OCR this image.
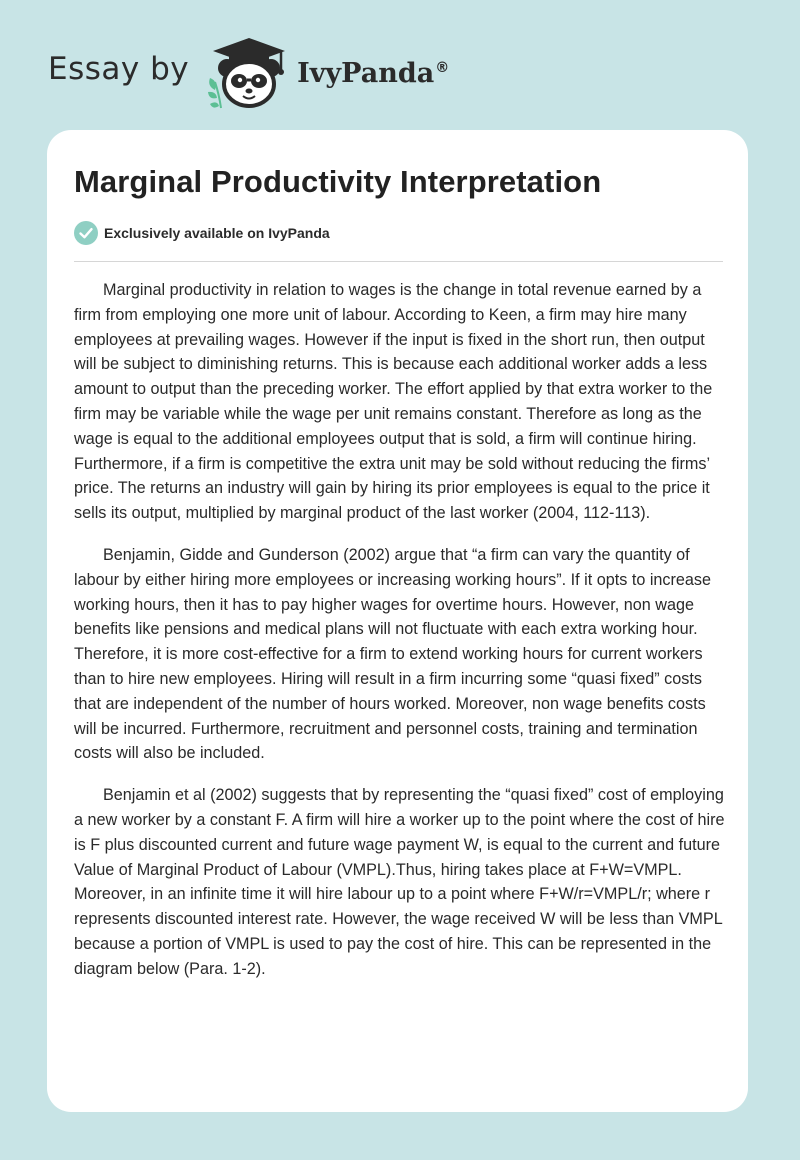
Essay by	IvyPanda®
Marginal Productivity Interpretation
Exclusively available on IvyPanda

Marginal productivity in relation to wages is the change in total revenue earned by a firm from employing one more unit of labour. According to Keen, a firm may hire many employees at prevailing wages. However if the input is fixed in the short run, then output will be subject to diminishing returns. This is because each additional worker adds a less amount to output than the preceding worker. The effort applied by that extra worker to the firm may be variable while the wage per unit remains constant. Therefore as long as the wage is equal to the additional employees output that is sold, a firm will continue hiring. Furthermore, if a firm is competitive the extra unit may be sold without reducing the firms’ price. The returns an industry will gain by hiring its prior employees is equal to the price it sells its output, multiplied by marginal product of the last worker (2004, 112-113).

Benjamin, Gidde and Gunderson (2002) argue that “a firm can vary the quantity of labour by either hiring more employees or increasing working hours”. If it opts to increase working hours, then it has to pay higher wages for overtime hours. However, non wage benefits like pensions and medical plans will not fluctuate with each extra working hour. Therefore, it is more cost-effective for a firm to extend working hours for current workers than to hire new employees. Hiring will result in a firm incurring some “quasi fixed” costs that are independent of the number of hours worked. Moreover, non wage benefits costs will be incurred. Furthermore, recruitment and personnel costs, training and termination costs will also be included.

Benjamin et al (2002) suggests that by representing the “quasi fixed” cost of employing a new worker by a constant F. A firm will hire a worker up to the point where the cost of hire is F plus discounted current and future wage payment W, is equal to the current and future Value of Marginal Product of Labour (VMPL).Thus, hiring takes place at F+W=VMPL. Moreover, in an infinite time it will hire labour up to a point where F+W/r=VMPL/r; where r represents discounted interest rate. However, the wage received W will be less than VMPL because a portion of VMPL is used to pay the cost of hire. This can be represented in the diagram below (Para. 1-2).
